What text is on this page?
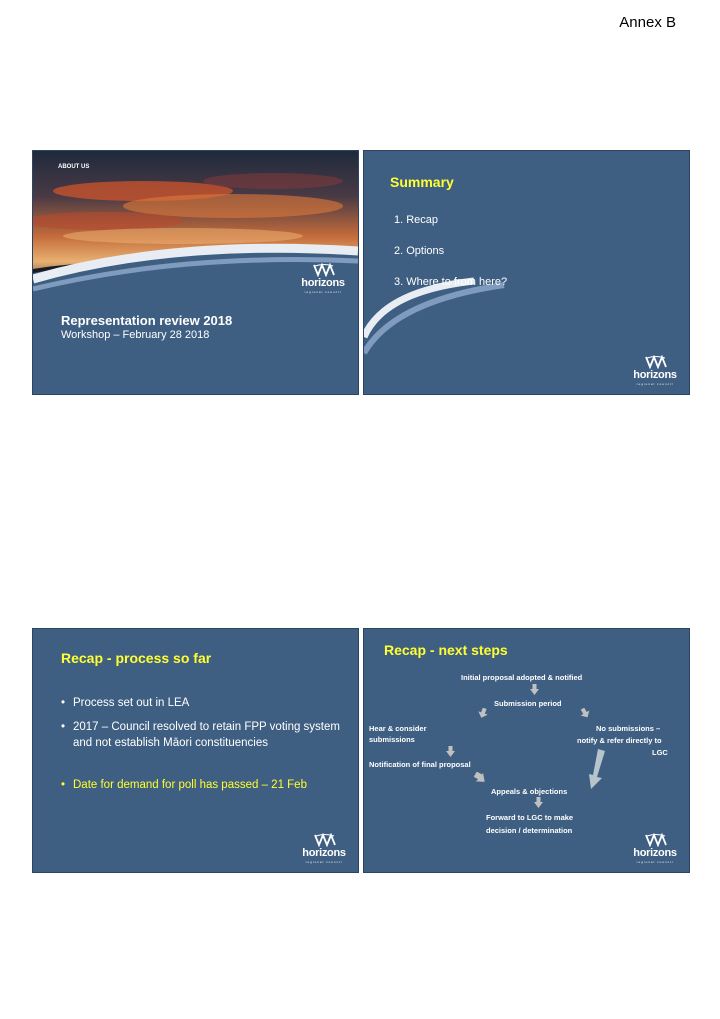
Annex B
ABOUT US
horizons
regional council
Representation review 2018
Workshop – February 28 2018
Summary
1. Recap
2. Options
3. Where to from here?
horizons
regional council
Recap - process so far
• Process set out in LEA
• 2017 – Council resolved to retain FPP voting system and not establish Māori constituencies
• Date for demand for poll has passed – 21 Feb
horizons
regional council
Recap - next steps
Initial proposal adopted & notified
Submission period
Hear & consider
submissions
No submissions –
notify & refer directly to
LGC
Notification of final proposal
Appeals & objections
Forward to LGC to make
decision / determination
horizons
regional council
